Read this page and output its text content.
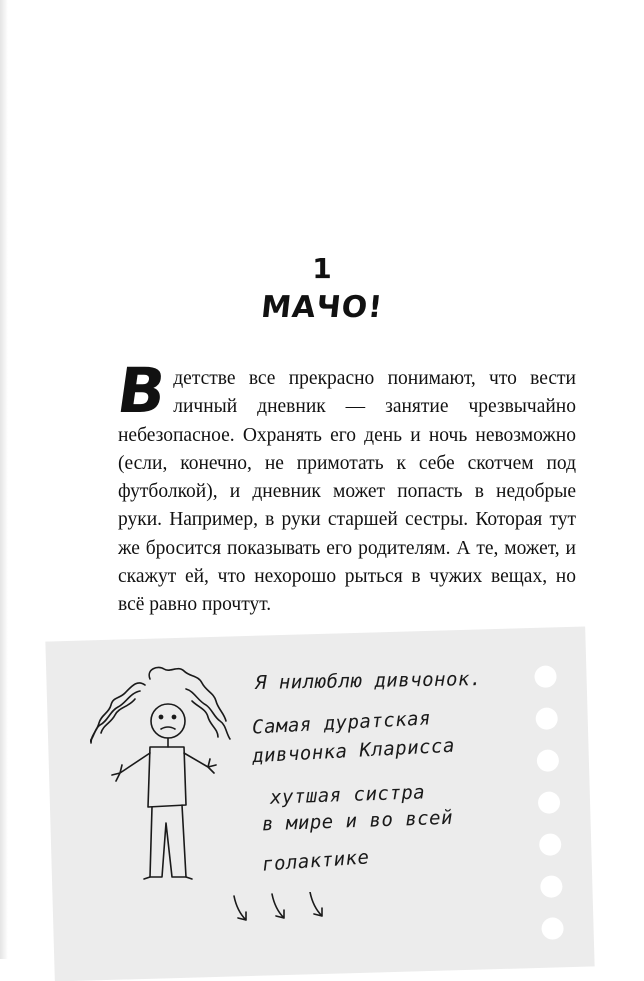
1
МАЧО!

Вдетстве все прекрасно понимают, что вести личный дневник — занятие чрезвычайно небезопасное. Охранять его день и ночь невозможно (если, конечно, не примотать к себе скотчем под футболкой), и дневник может попасть в недобрые руки. Например, в руки старшей сестры. Которая тут же бросится показывать его родителям. А те, может, и скажут ей, что нехорошо рыться в чужих вещах, но всё равно прочтут.

Я нилюблю дивчонок.
Самая дуратская
дивчонка Кларисса
хутшая систра
в мире и во всей
голактике
